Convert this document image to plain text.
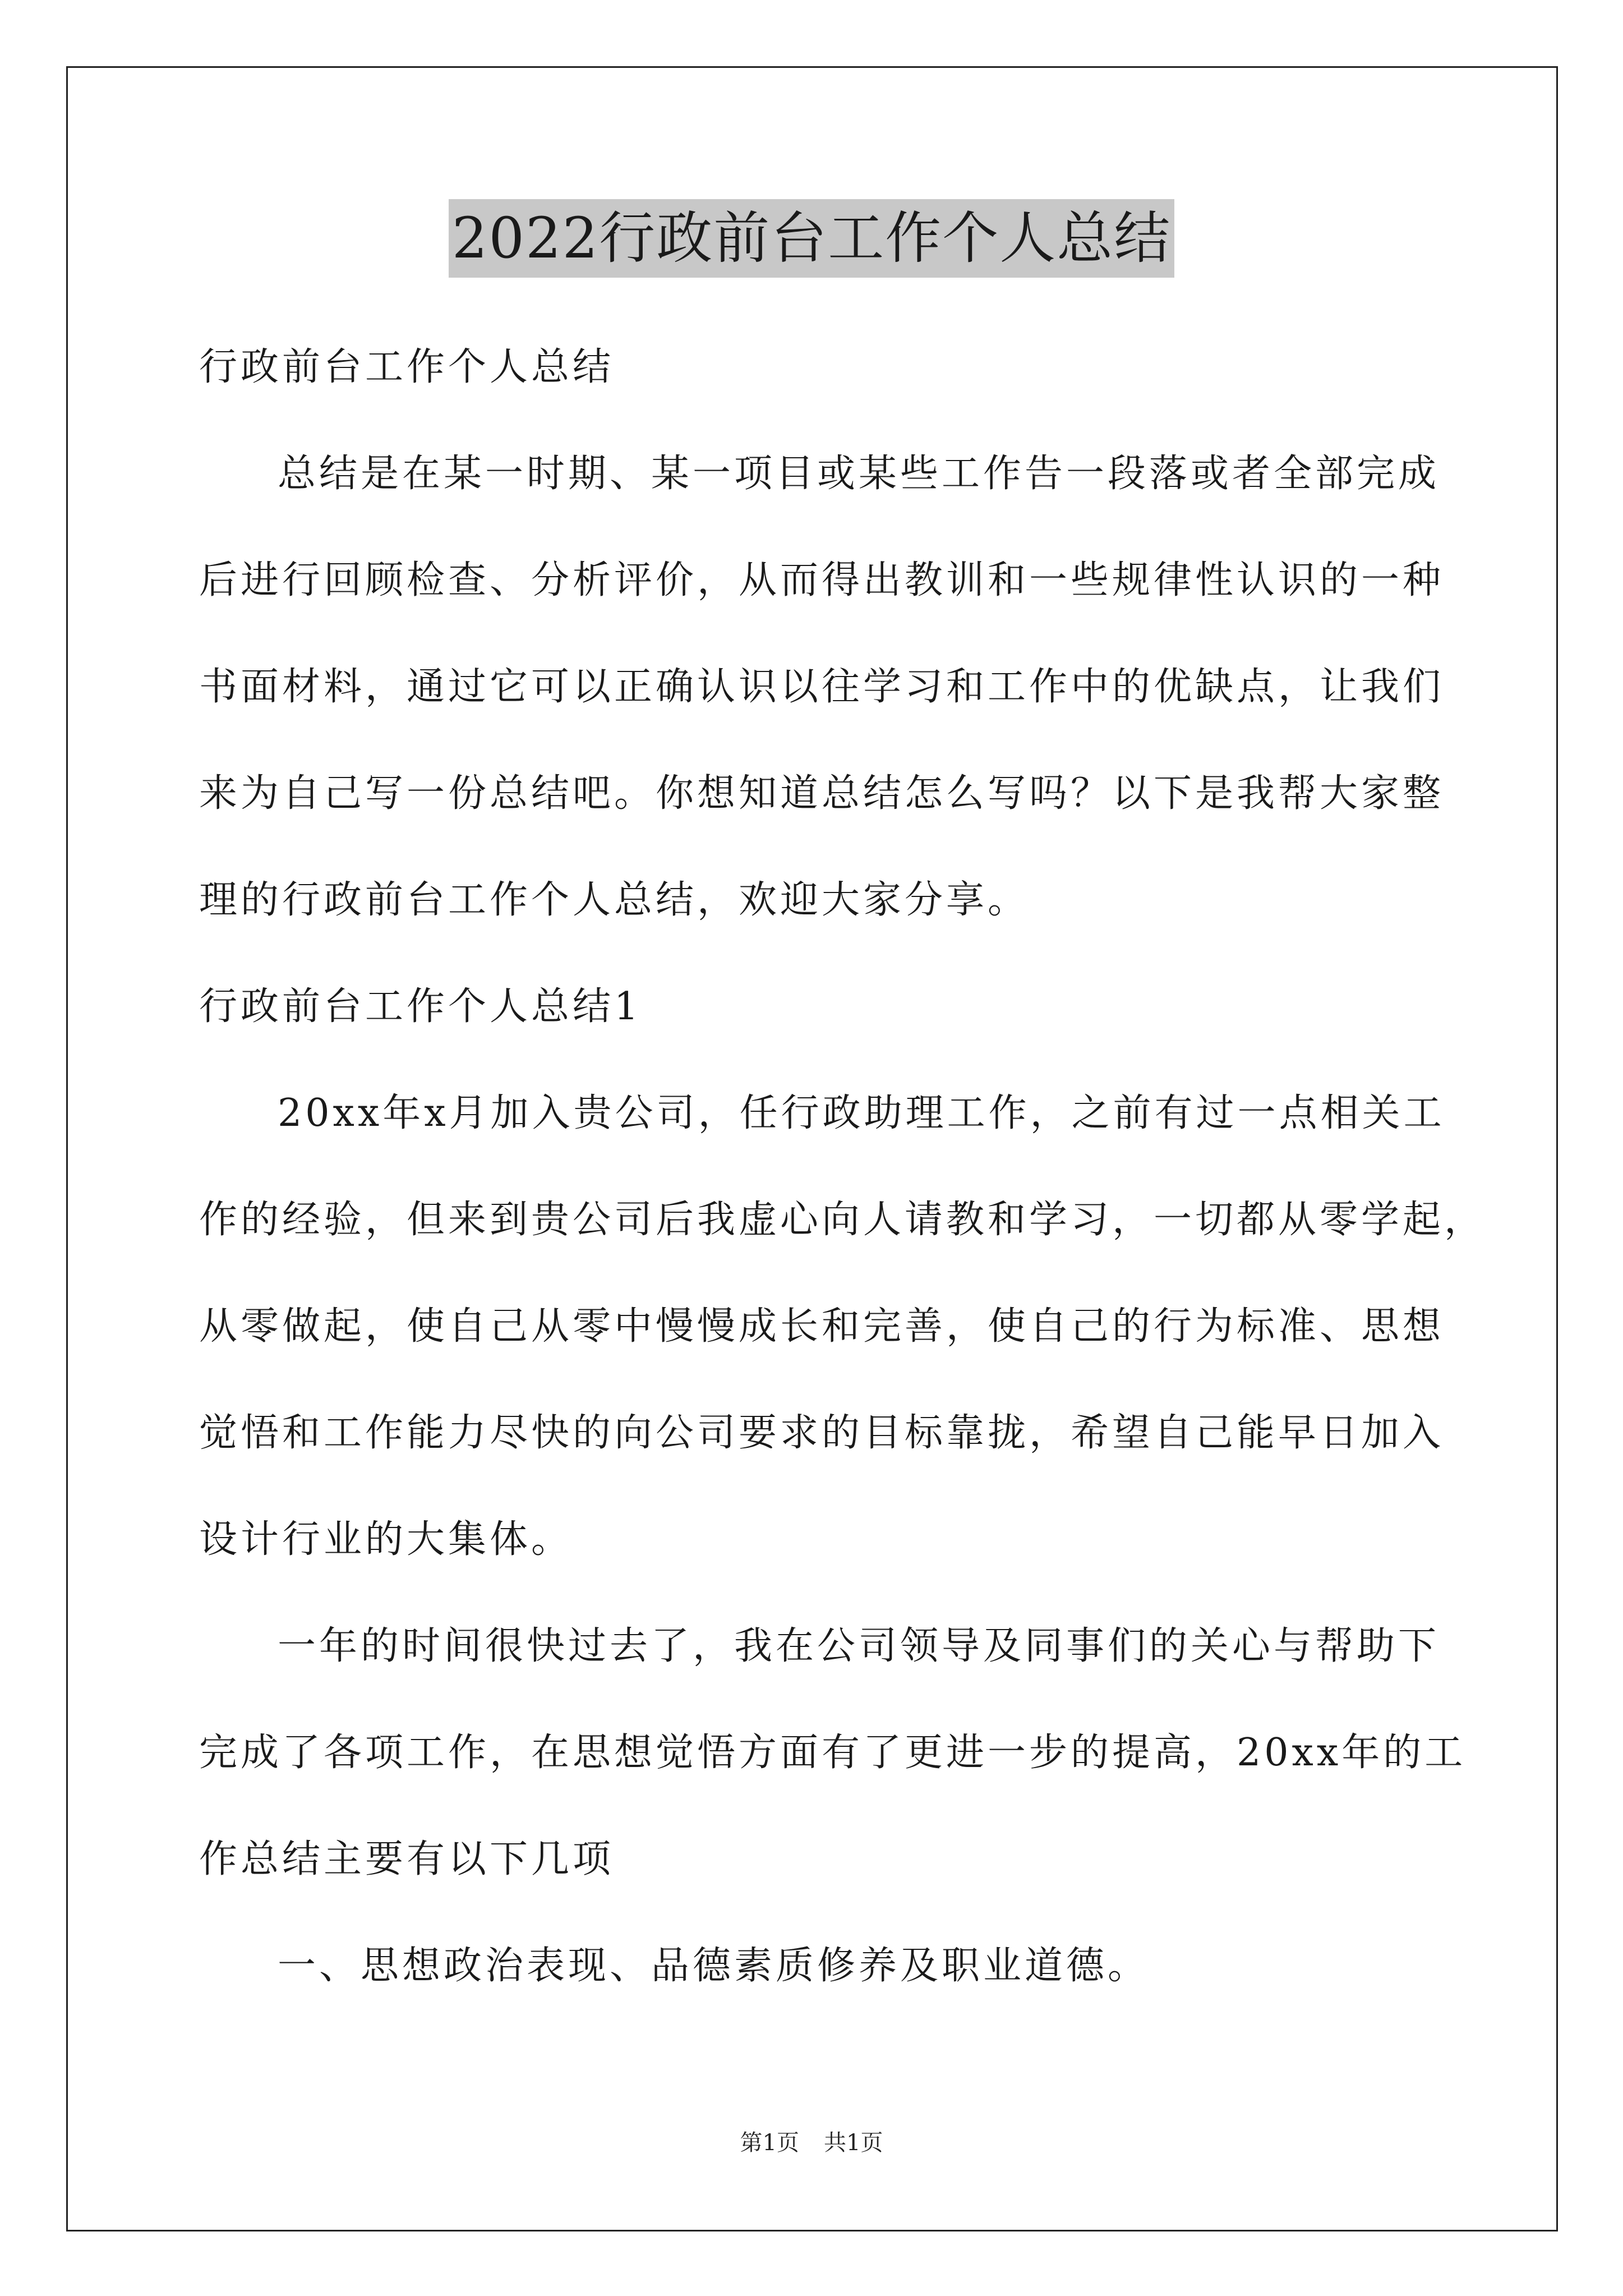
2022行政前台工作个人总结
行政前台工作个人总结
总结是在某一时期、某一项目或某些工作告一段落或者全部完成
后进行回顾检查、分析评价，从而得出教训和一些规律性认识的一种
书面材料，通过它可以正确认识以往学习和工作中的优缺点，让我们
来为自己写一份总结吧。你想知道总结怎么写吗？以下是我帮大家整
理的行政前台工作个人总结，欢迎大家分享。
行政前台工作个人总结1
20xx年x月加入贵公司，任行政助理工作，之前有过一点相关工
作的经验，但来到贵公司后我虚心向人请教和学习，一切都从零学起，
从零做起，使自己从零中慢慢成长和完善，使自己的行为标准、思想
觉悟和工作能力尽快的向公司要求的目标靠拢，希望自己能早日加入
设计行业的大集体。
一年的时间很快过去了，我在公司领导及同事们的关心与帮助下
完成了各项工作，在思想觉悟方面有了更进一步的提高，20xx年的工
作总结主要有以下几项
一、思想政治表现、品德素质修养及职业道德。
第1页 共1页
